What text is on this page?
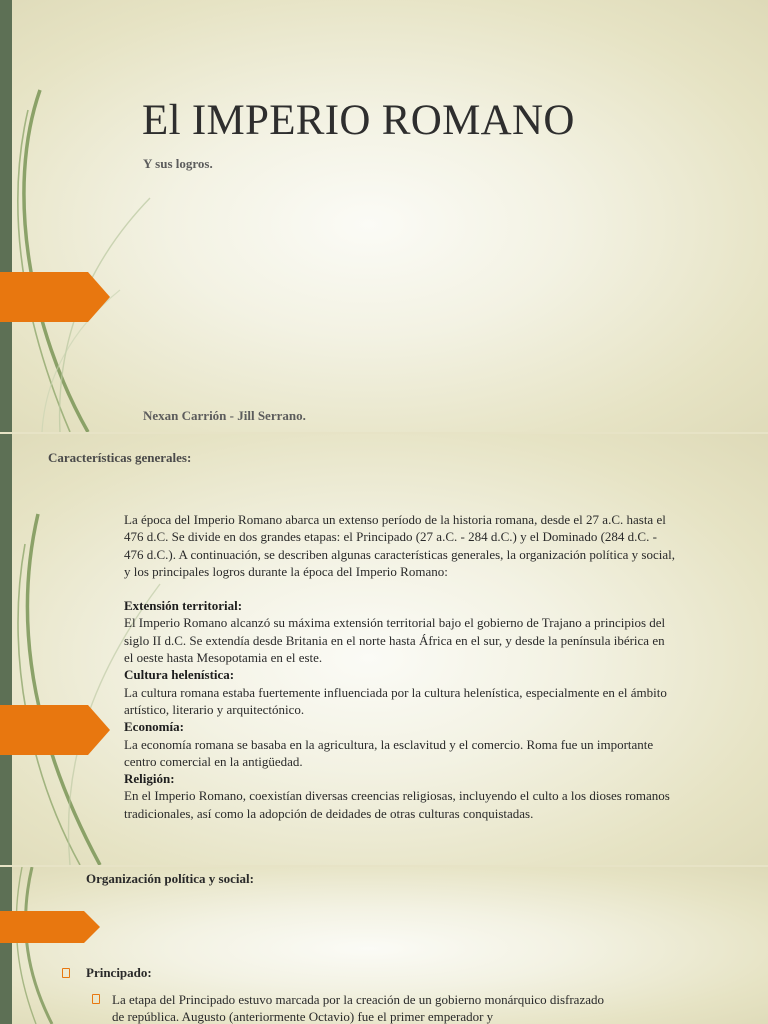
El IMPERIO ROMANO

Y sus logros.

Nexan Carrión - Jill Serrano.

Características generales:

La época del Imperio Romano abarca un extenso período de la historia romana, desde el 27 a.C. hasta el 476 d.C. Se divide en dos grandes etapas: el Principado (27 a.C. - 284 d.C.) y el Dominado (284 d.C. - 476 d.C.). A continuación, se describen algunas características generales, la organización política y social, y los principales logros durante la época del Imperio Romano:

Extensión territorial:

El Imperio Romano alcanzó su máxima extensión territorial bajo el gobierno de Trajano a principios del siglo II d.C. Se extendía desde Britania en el norte hasta África en el sur, y desde la península ibérica en el oeste hasta Mesopotamia en el este.

Cultura helenística:

La cultura romana estaba fuertemente influenciada por la cultura helenística, especialmente en el ámbito artístico, literario y arquitectónico.

Economía:

La economía romana se basaba en la agricultura, la esclavitud y el comercio. Roma fue un importante centro comercial en la antigüedad.

Religión:

En el Imperio Romano, coexistían diversas creencias religiosas, incluyendo el culto a los dioses romanos tradicionales, así como la adopción de deidades de otras culturas conquistadas.

Organización política y social:

Principado:
La etapa del Principado estuvo marcada por la creación de un gobierno monárquico disfrazado de república. Augusto (anteriormente Octavio) fue el primer emperador y
